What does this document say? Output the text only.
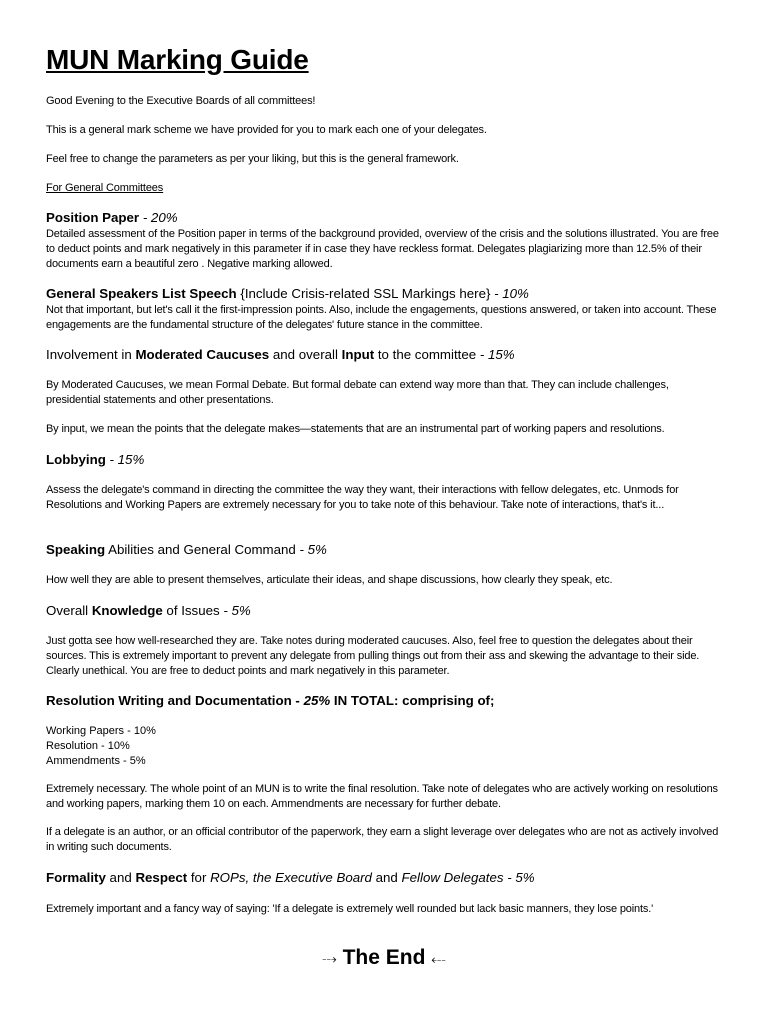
MUN Marking Guide

Good Evening to the Executive Boards of all committees!

This is a general mark scheme we have provided for you to mark each one of your delegates.

Feel free to change the parameters as per your liking, but this is the general framework.

For General Committees

Position Paper - 20%

Detailed assessment of the Position paper in terms of the background provided, overview of the crisis and the solutions illustrated. You are free to deduct points and mark negatively in this parameter if in case they have reckless format. Delegates plagiarizing more than 12.5% of their documents earn a beautiful zero . Negative marking allowed.

General Speakers List Speech {Include Crisis-related SSL Markings here} - 10%

Not that important, but let's call it the first-impression points. Also, include the engagements, questions answered, or taken into account. These engagements are the fundamental structure of the delegates' future stance in the committee.

Involvement in Moderated Caucuses and overall Input to the committee - 15%

By Moderated Caucuses, we mean Formal Debate. But formal debate can extend way more than that. They can include challenges, presidential statements and other presentations.

By input, we mean the points that the delegate makes—statements that are an instrumental part of working papers and resolutions.

Lobbying - 15%

Assess the delegate's command in directing the committee the way they want, their interactions with fellow delegates, etc. Unmods for Resolutions and Working Papers are extremely necessary for you to take note of this behaviour. Take note of interactions, that's it...

Speaking Abilities and General Command - 5%

How well they are able to present themselves, articulate their ideas, and shape discussions, how clearly they speak, etc.

Overall Knowledge of Issues - 5%

Just gotta see how well-researched they are. Take notes during moderated caucuses. Also, feel free to question the delegates about their sources. This is extremely important to prevent any delegate from pulling things out from their ass and skewing the advantage to their side. Clearly unethical. You are free to deduct points and mark negatively in this parameter.

Resolution Writing and Documentation - 25% IN TOTAL: comprising of;
Working Papers - 10%
Resolution - 10%
Ammendments - 5%

Extremely necessary. The whole point of an MUN is to write the final resolution. Take note of delegates who are actively working on resolutions and working papers, marking them 10 on each. Ammendments are necessary for further debate.

If a delegate is an author, or an official contributor of the paperwork, they earn a slight leverage over delegates who are not as actively involved in writing such documents.

Formality and Respect for ROPs, the Executive Board and Fellow Delegates - 5%

Extremely important and a fancy way of saying: 'If a delegate is extremely well rounded but lack basic manners, they lose points.'

⤏ The End ⤎
